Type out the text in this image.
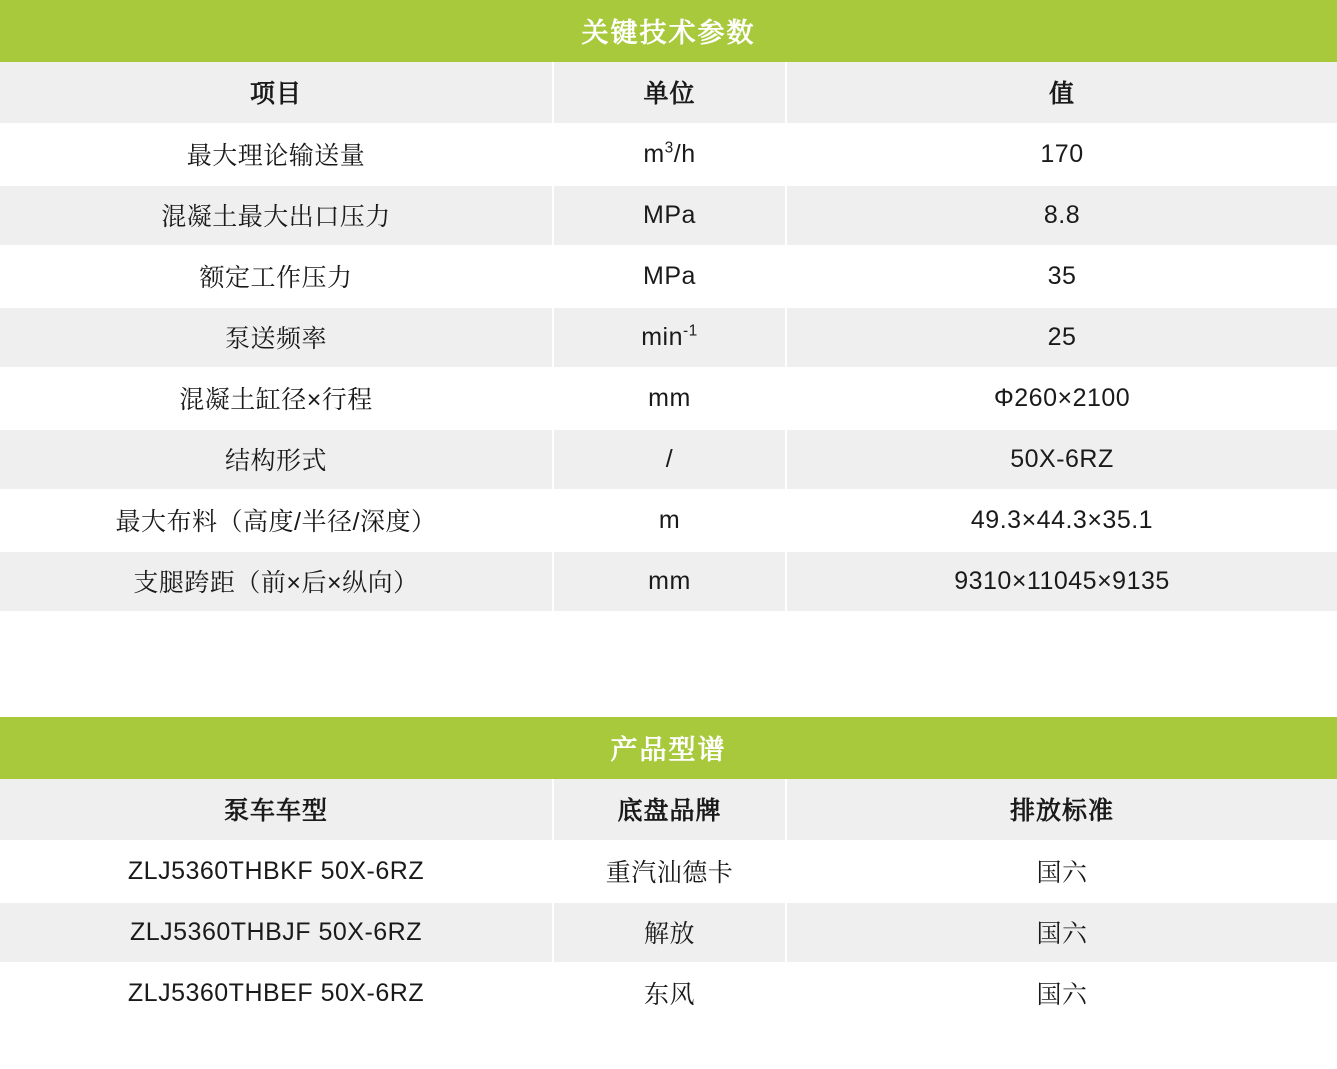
关键技术参数		
项目	单位	值
最大理论输送量	$m^3/h$	170
混凝土最大出口压力	MPa	8.8
额定工作压力	MPa	35
泵送频率	$\min^{-1}$	25
混凝土缸径×行程	mm	Φ260×2100
结构形式	/	50X-6RZ
最大布料（高度/半径/深度）	m	49.3×44.3×35.1
支腿跨距（前×后×纵向）	mm	9310×11045×9135
产品型谱		
泵车车型	底盘品牌	排放标准
ZLJ5360THBKF 50X-6RZ	重汽汕德卡	国六
ZLJ5360THBJF 50X-6RZ	解放	国六
ZLJ5360THBEF 50X-6RZ	东风	国六
